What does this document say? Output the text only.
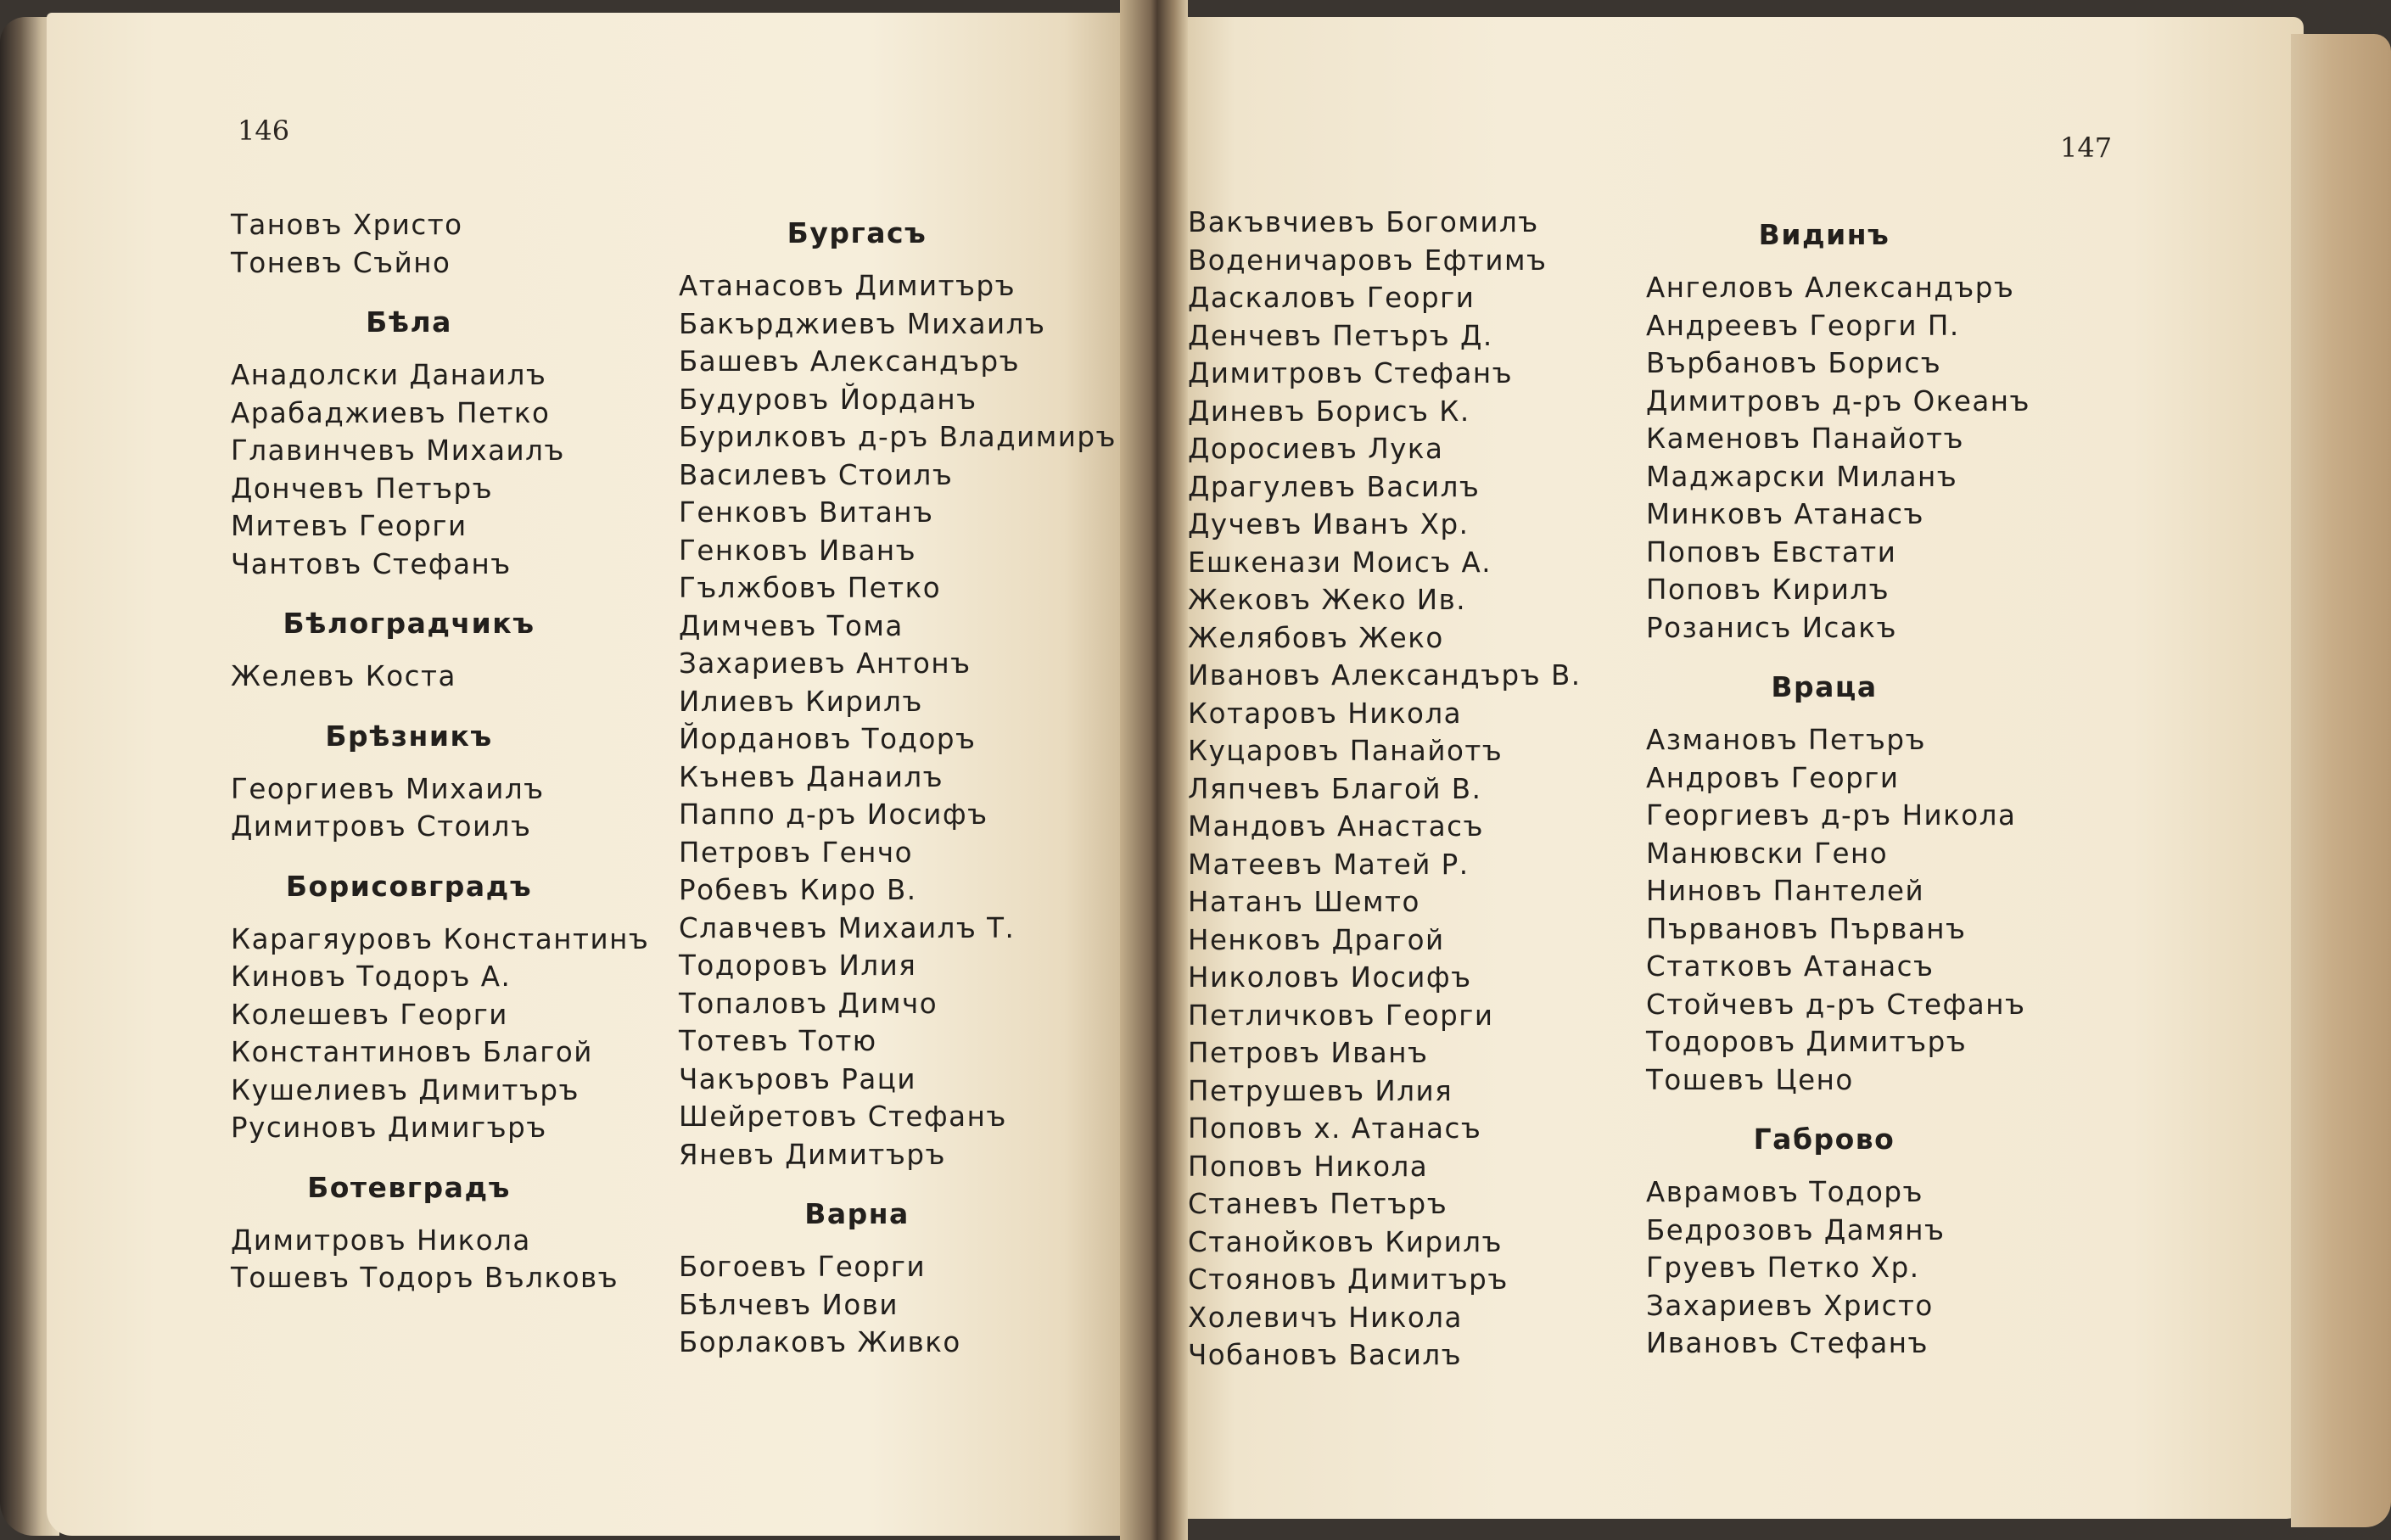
146
147
Тановъ Христо
Тоневъ Съйно
Бѣла
Анадолски Данаилъ
Арабаджиевъ Петко
Главинчевъ Михаилъ
Дончевъ Петъръ
Митевъ Георги
Чантовъ Стефанъ
Бѣлоградчикъ
Желевъ Коста
Брѣзникъ
Георгиевъ Михаилъ
Димитровъ Стоилъ
Борисовградъ
Карагяуровъ Константинъ
Киновъ Тодоръ А.
Колешевъ Георги
Константиновъ Благой
Кушелиевъ Димитъръ
Русиновъ Димигъръ
Ботевградъ
Димитровъ Никола
Тошевъ Тодоръ Вълковъ
Бургасъ
Атанасовъ Димитъръ
Бакърджиевъ Михаилъ
Башевъ Александъръ
Будуровъ Йорданъ
Бурилковъ д-ръ Владимиръ
Василевъ Стоилъ
Генковъ Витанъ
Генковъ Иванъ
Гължбовъ Петко
Димчевъ Тома
Захариевъ Антонъ
Илиевъ Кирилъ
Йордановъ Тодоръ
Къневъ Данаилъ
Паппо д-ръ Иосифъ
Петровъ Генчо
Робевъ Киро В.
Славчевъ Михаилъ Т.
Тодоровъ Илия
Топаловъ Димчо
Тотевъ Тотю
Чакъровъ Раци
Шейретовъ Стефанъ
Яневъ Димитъръ
Варна
Богоевъ Георги
Бѣлчевъ Иови
Борлаковъ Живко
Вакъвчиевъ Богомилъ
Воденичаровъ Ефтимъ
Даскаловъ Георги
Денчевъ Петъръ Д.
Димитровъ Стефанъ
Диневъ Борисъ К.
Доросиевъ Лука
Драгулевъ Василъ
Дучевъ Иванъ Хр.
Ешкенази Моисъ А.
Жековъ Жеко Ив.
Желябовъ Жеко
Ивановъ Александъръ В.
Котаровъ Никола
Куцаровъ Панайотъ
Ляпчевъ Благой В.
Мандовъ Анастасъ
Матеевъ Матей Р.
Натанъ Шемто
Ненковъ Драгой
Николовъ Иосифъ
Петличковъ Георги
Петровъ Иванъ
Петрушевъ Илия
Поповъ х. Атанасъ
Поповъ Никола
Станевъ Петъръ
Станойковъ Кирилъ
Стояновъ Димитъръ
Холевичъ Никола
Чобановъ Василъ
Видинъ
Ангеловъ Александъръ
Андреевъ Георги П.
Върбановъ Борисъ
Димитровъ д-ръ Океанъ
Каменовъ Панайотъ
Маджарски Миланъ
Минковъ Атанасъ
Поповъ Евстати
Поповъ Кирилъ
Розанисъ Исакъ
Враца
Азмановъ Петъръ
Андровъ Георги
Георгиевъ д-ръ Никола
Манювски Гено
Ниновъ Пантелей
Първановъ Първанъ
Статковъ Атанасъ
Стойчевъ д-ръ Стефанъ
Тодоровъ Димитъръ
Тошевъ Цено
Габрово
Аврамовъ Тодоръ
Бедрозовъ Дамянъ
Груевъ Петко Хр.
Захариевъ Христо
Ивановъ Стефанъ
